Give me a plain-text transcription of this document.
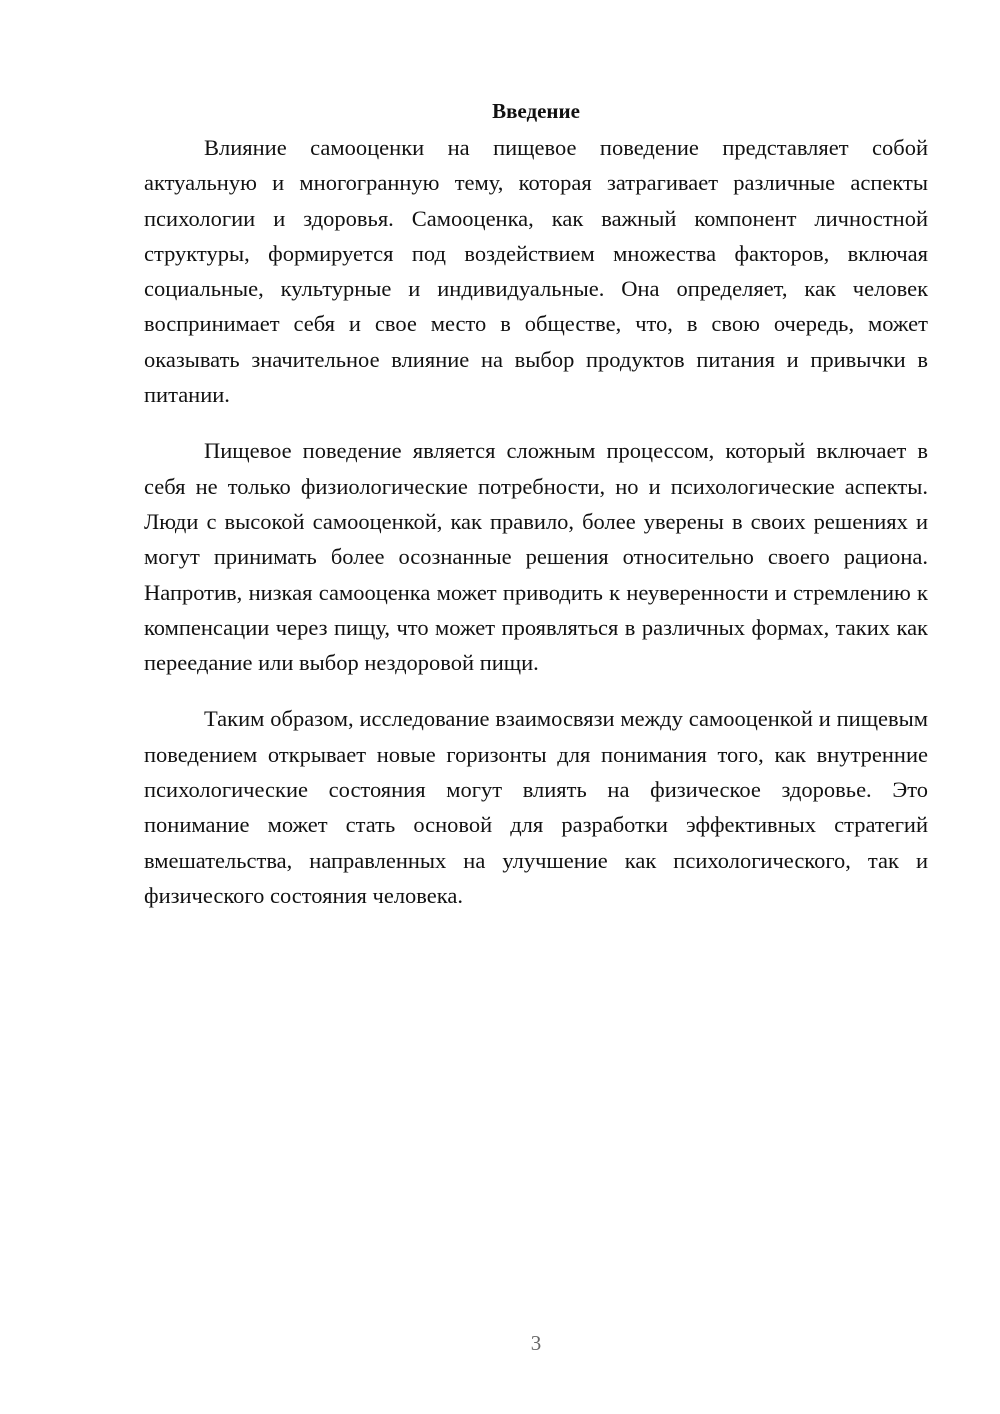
Введение

Влияние самооценки на пищевое поведение представляет собой актуальную и многогранную тему, которая затрагивает различные аспекты психологии и здоровья. Самооценка, как важный компонент личностной структуры, формируется под воздействием множества факторов, включая социальные, культурные и индивидуальные. Она определяет, как человек воспринимает себя и свое место в обществе, что, в свою очередь, может оказывать значительное влияние на выбор продуктов питания и привычки в питании.

Пищевое поведение является сложным процессом, который включает в себя не только физиологические потребности, но и психологические аспекты. Люди с высокой самооценкой, как правило, более уверены в своих решениях и могут принимать более осознанные решения относительно своего рациона. Напротив, низкая самооценка может приводить к неуверенности и стремлению к компенсации через пищу, что может проявляться в различных формах, таких как переедание или выбор нездоровой пищи.

Таким образом, исследование взаимосвязи между самооценкой и пищевым поведением открывает новые горизонты для понимания того, как внутренние психологические состояния могут влиять на физическое здоровье. Это понимание может стать основой для разработки эффективных стратегий вмешательства, направленных на улучшение как психологического, так и физического состояния человека.

3
